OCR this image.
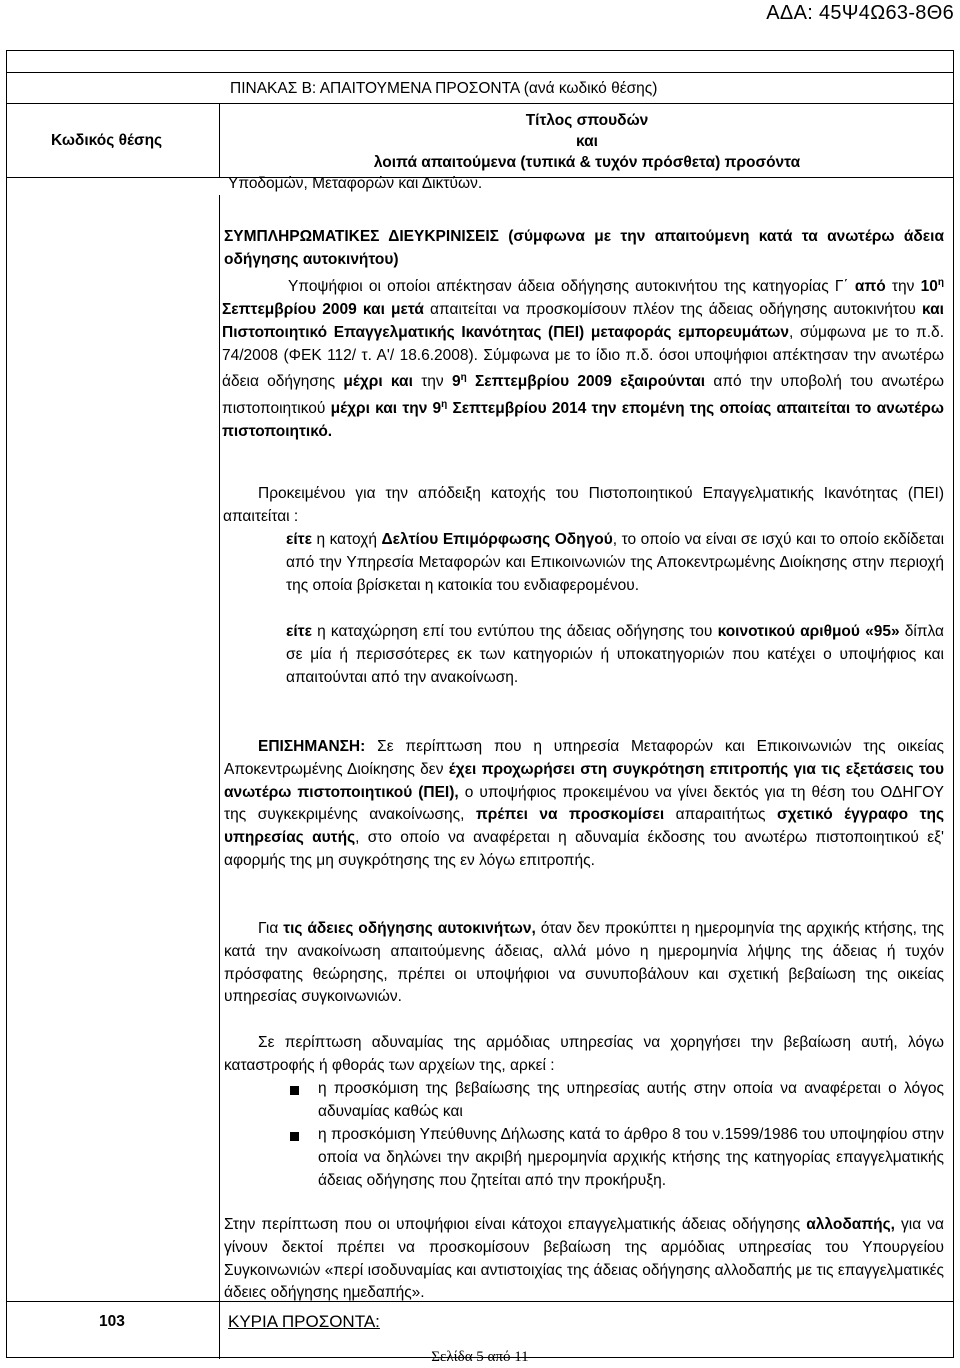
ΑΔΑ: 45Ψ4Ω63-8Θ6
ΠΙΝΑΚΑΣ Β: ΑΠΑΙΤΟΥΜΕΝΑ ΠΡΟΣΟΝΤΑ (ανά κωδικό θέσης)
Κωδικός θέσης
Τίτλος σπουδών
και
λοιπά απαιτούμενα (τυπικά & τυχόν πρόσθετα) προσόντα
Υποδομών, Μεταφορών και Δικτύων.
ΣΥΜΠΛΗΡΩΜΑΤΙΚΕΣ ΔΙΕΥΚΡΙΝΙΣΕΙΣ (σύμφωνα με την απαιτούμενη κατά τα ανωτέρω άδεια οδήγησης αυτοκινήτου)
Υποψήφιοι οι οποίοι απέκτησαν άδεια οδήγησης αυτοκινήτου της κατηγορίας Γ΄ από την $10^\eta$ Σεπτεμβρίου 2009 και μετά απαιτείται να προσκομίσουν πλέον της άδειας οδήγησης αυτοκινήτου και Πιστοποιητικό Επαγγελματικής Ικανότητας (ΠΕΙ) μεταφοράς εμπορευμάτων, σύμφωνα με το π.δ. 74/2008 (ΦΕΚ 112/ τ. Α'/ 18.6.2008). Σύμφωνα με το ίδιο π.δ. όσοι υποψήφιοι απέκτησαν την ανωτέρω άδεια οδήγησης μέχρι και την $9^\eta$ Σεπτεμβρίου 2009 εξαιρούνται από την υποβολή του ανωτέρω πιστοποιητικού μέχρι και την $9^\eta$ Σεπτεμβρίου 2014 την επομένη της οποίας απαιτείται το ανωτέρω πιστοποιητικό.
Προκειμένου για την απόδειξη κατοχής του Πιστοποιητικού Επαγγελματικής Ικανότητας (ΠΕΙ) απαιτείται :
είτε η κατοχή Δελτίου Επιμόρφωσης Οδηγού, το οποίο να είναι σε ισχύ και το οποίο εκδίδεται από την Υπηρεσία Μεταφορών και Επικοινωνιών της Αποκεντρωμένης Διοίκησης στην περιοχή της οποία βρίσκεται η κατοικία του ενδιαφερομένου.
είτε η καταχώρηση επί του εντύπου της άδειας οδήγησης του κοινοτικού αριθμού «95» δίπλα σε μία ή περισσότερες εκ των κατηγοριών ή υποκατηγοριών που κατέχει ο υποψήφιος και απαιτούνται από την ανακοίνωση.
ΕΠΙΣΗΜΑΝΣΗ: Σε περίπτωση που η υπηρεσία Μεταφορών και Επικοινωνιών της οικείας Αποκεντρωμένης Διοίκησης δεν έχει προχωρήσει στη συγκρότηση επιτροπής για τις εξετάσεις του ανωτέρω πιστοποιητικού (ΠΕΙ), ο υποψήφιος προκειμένου να γίνει δεκτός για τη θέση του ΟΔΗΓΟΥ της συγκεκριμένης ανακοίνωσης, πρέπει να προσκομίσει απαραιτήτως σχετικό έγγραφο της υπηρεσίας αυτής, στο οποίο να αναφέρεται η αδυναμία έκδοσης του ανωτέρω πιστοποιητικού εξ' αφορμής της μη συγκρότησης της εν λόγω επιτροπής.
Για τις άδειες οδήγησης αυτοκινήτων, όταν δεν προκύπτει η ημερομηνία της αρχικής κτήσης, της κατά την ανακοίνωση απαιτούμενης άδειας, αλλά μόνο η ημερομηνία λήψης της άδειας ή τυχόν πρόσφατης θεώρησης, πρέπει οι υποψήφιοι να συνυποβάλουν και σχετική βεβαίωση της οικείας υπηρεσίας συγκοινωνιών.
Σε περίπτωση αδυναμίας της αρμόδιας υπηρεσίας να χορηγήσει την βεβαίωση αυτή, λόγω καταστροφής ή φθοράς των αρχείων της, αρκεί :
η προσκόμιση της βεβαίωσης της υπηρεσίας αυτής στην οποία να αναφέρεται ο λόγος αδυναμίας καθώς και
η προσκόμιση Υπεύθυνης Δήλωσης κατά το άρθρο 8 του ν.1599/1986 του υποψηφίου στην οποία να δηλώνει την ακριβή ημερομηνία αρχικής κτήσης της κατηγορίας επαγγελματικής άδειας οδήγησης που ζητείται από την προκήρυξη.
Στην περίπτωση που οι υποψήφιοι είναι κάτοχοι επαγγελματικής άδειας οδήγησης αλλοδαπής, για να γίνουν δεκτοί πρέπει να προσκομίσουν βεβαίωση της αρμόδιας υπηρεσίας του Υπουργείου Συγκοινωνιών «περί ισοδυναμίας και αντιστοιχίας της άδειας οδήγησης αλλοδαπής με τις επαγγελματικές άδειες οδήγησης ημεδαπής».
103	ΚΥΡΙΑ ΠΡΟΣΟΝΤΑ:
Σελίδα 5 από 11
